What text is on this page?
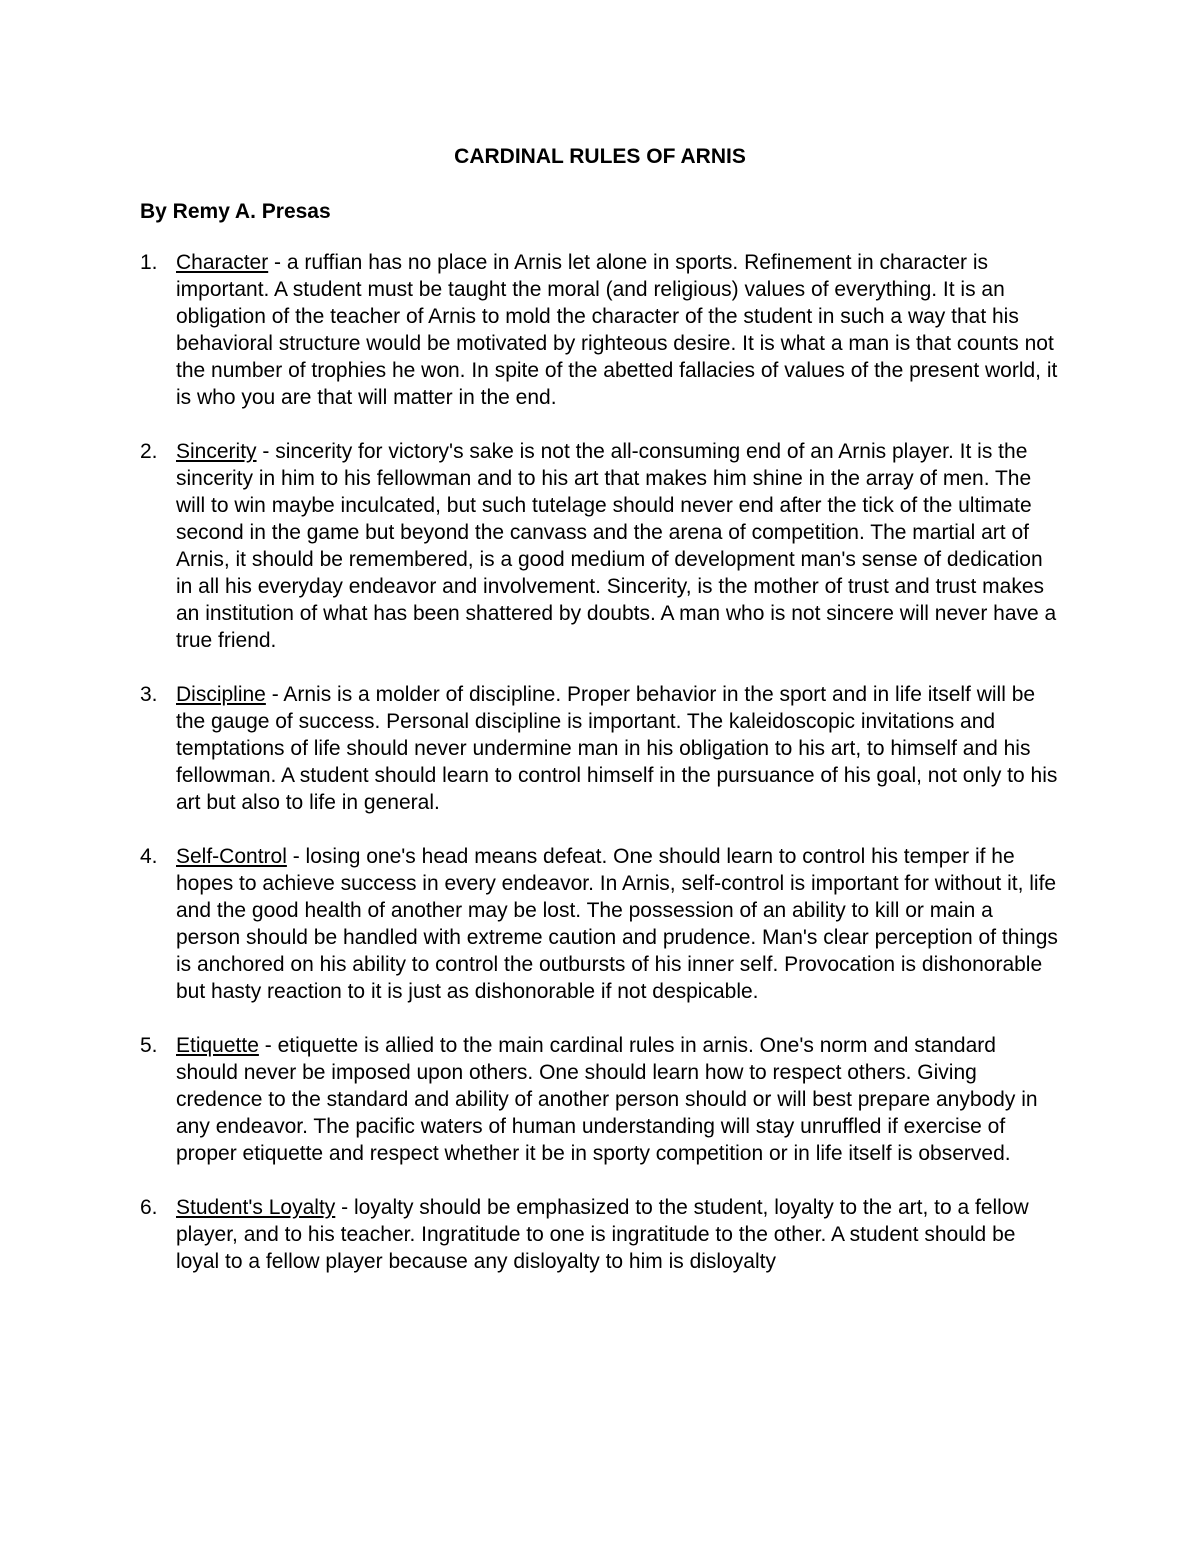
CARDINAL RULES OF ARNIS

By Remy A. Presas

1. Character - a ruffian has no place in Arnis let alone in sports. Refinement in character is important. A student must be taught the moral (and religious) values of everything. It is an obligation of the teacher of Arnis to mold the character of the student in such a way that his behavioral structure would be motivated by righteous desire. It is what a man is that counts not the number of trophies he won. In spite of the abetted fallacies of values of the present world, it is who you are that will matter in the end.
2. Sincerity - sincerity for victory's sake is not the all-consuming end of an Arnis player. It is the sincerity in him to his fellowman and to his art that makes him shine in the array of men. The will to win maybe inculcated, but such tutelage should never end after the tick of the ultimate second in the game but beyond the canvass and the arena of competition. The martial art of Arnis, it should be remembered, is a good medium of development man's sense of dedication in all his everyday endeavor and involvement. Sincerity, is the mother of trust and trust makes an institution of what has been shattered by doubts. A man who is not sincere will never have a true friend.
3. Discipline - Arnis is a molder of discipline. Proper behavior in the sport and in life itself will be the gauge of success. Personal discipline is important. The kaleidoscopic invitations and temptations of life should never undermine man in his obligation to his art, to himself and his fellowman. A student should learn to control himself in the pursuance of his goal, not only to his art but also to life in general.
4. Self-Control - losing one's head means defeat. One should learn to control his temper if he hopes to achieve success in every endeavor. In Arnis, self-control is important for without it, life and the good health of another may be lost. The possession of an ability to kill or main a person should be handled with extreme caution and prudence. Man's clear perception of things is anchored on his ability to control the outbursts of his inner self. Provocation is dishonorable but hasty reaction to it is just as dishonorable if not despicable.
5. Etiquette - etiquette is allied to the main cardinal rules in arnis. One's norm and standard should never be imposed upon others. One should learn how to respect others. Giving credence to the standard and ability of another person should or will best prepare anybody in any endeavor. The pacific waters of human understanding will stay unruffled if exercise of proper etiquette and respect whether it be in sporty competition or in life itself is observed.
6. Student's Loyalty - loyalty should be emphasized to the student, loyalty to the art, to a fellow player, and to his teacher. Ingratitude to one is ingratitude to the other. A student should be loyal to a fellow player because any disloyalty to him is disloyalty
